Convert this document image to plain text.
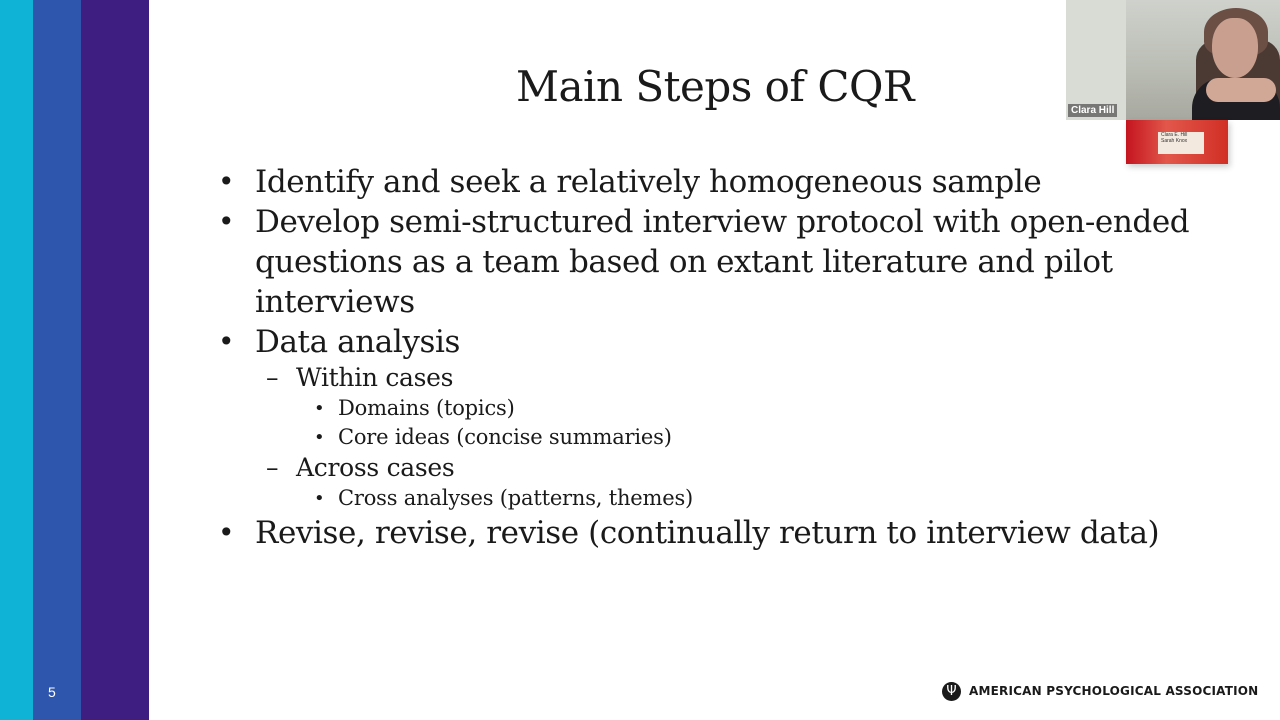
5
Main Steps of CQR
• Identify and seek a relatively homogeneous sample
• Develop semi-structured interview protocol with open-ended questions as a team based on extant literature and pilot interviews
• Data analysis
– Within cases
• Domains (topics)
• Core ideas (concise summaries)
– Across cases
• Cross analyses (patterns, themes)
• Revise, revise, revise (continually return to interview data)
Clara Hill
Clara E. Hill
Sarah Knox
Ψ	AMERICAN PSYCHOLOGICAL ASSOCIATION
